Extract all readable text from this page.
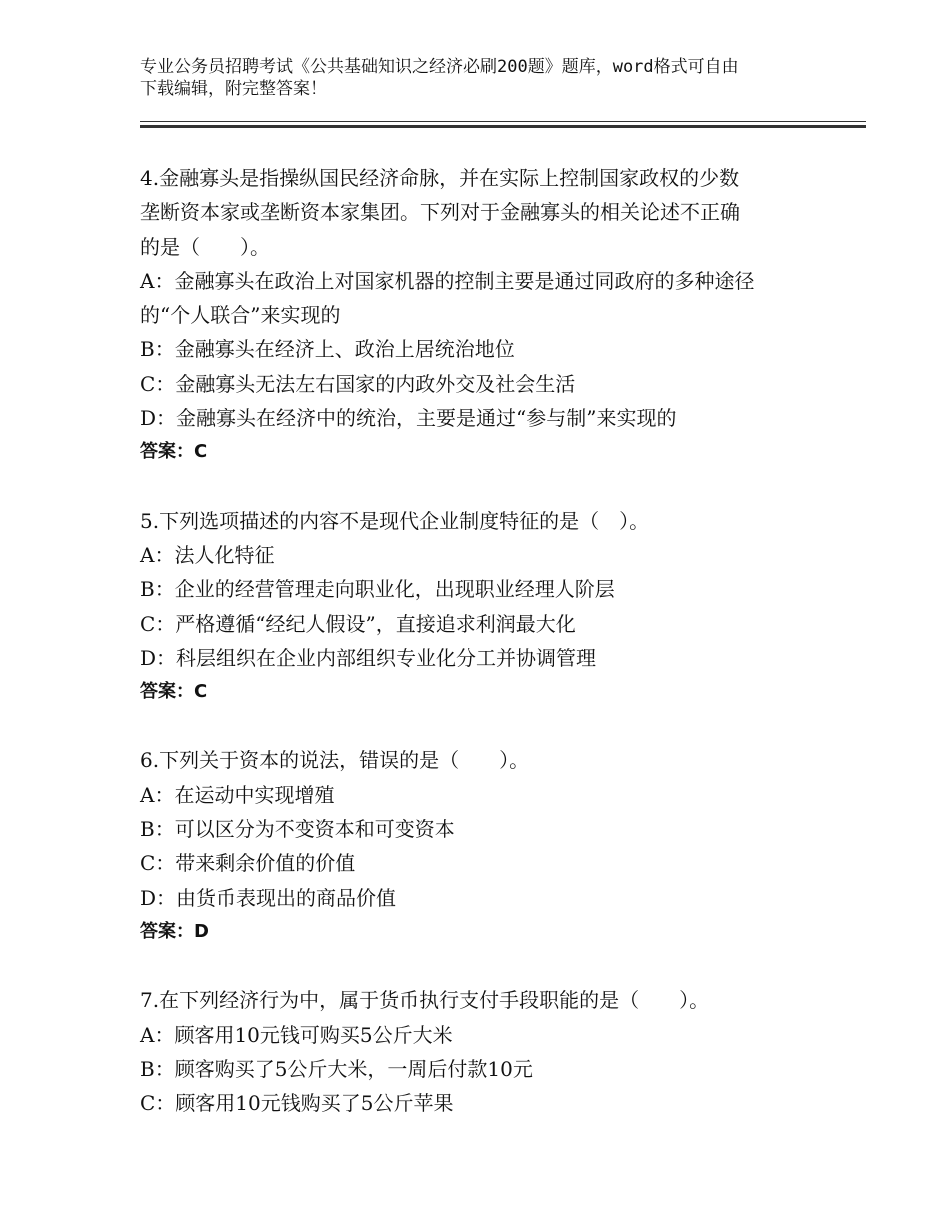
专业公务员招聘考试《公共基础知识之经济必刷200题》题库，word格式可自由
下载编辑，附完整答案！
4.金融寡头是指操纵国民经济命脉，并在实际上控制国家政权的少数
垄断资本家或垄断资本家集团。下列对于金融寡头的相关论述不正确
的是（　　）。
A：金融寡头在政治上对国家机器的控制主要是通过同政府的多种途径
的“个人联合”来实现的
B：金融寡头在经济上、政治上居统治地位
C：金融寡头无法左右国家的内政外交及社会生活
D：金融寡头在经济中的统治，主要是通过“参与制”来实现的
答案：C
5.下列选项描述的内容不是现代企业制度特征的是（　）。
A：法人化特征
B：企业的经营管理走向职业化，出现职业经理人阶层
C：严格遵循“经纪人假设”，直接追求利润最大化
D：科层组织在企业内部组织专业化分工并协调管理
答案：C
6.下列关于资本的说法，错误的是（　　）。
A：在运动中实现增殖
B：可以区分为不变资本和可变资本
C：带来剩余价值的价值
D：由货币表现出的商品价值
答案：D
7.在下列经济行为中，属于货币执行支付手段职能的是（　　）。
A：顾客用10元钱可购买5公斤大米
B：顾客购买了5公斤大米，一周后付款10元
C：顾客用10元钱购买了5公斤苹果
